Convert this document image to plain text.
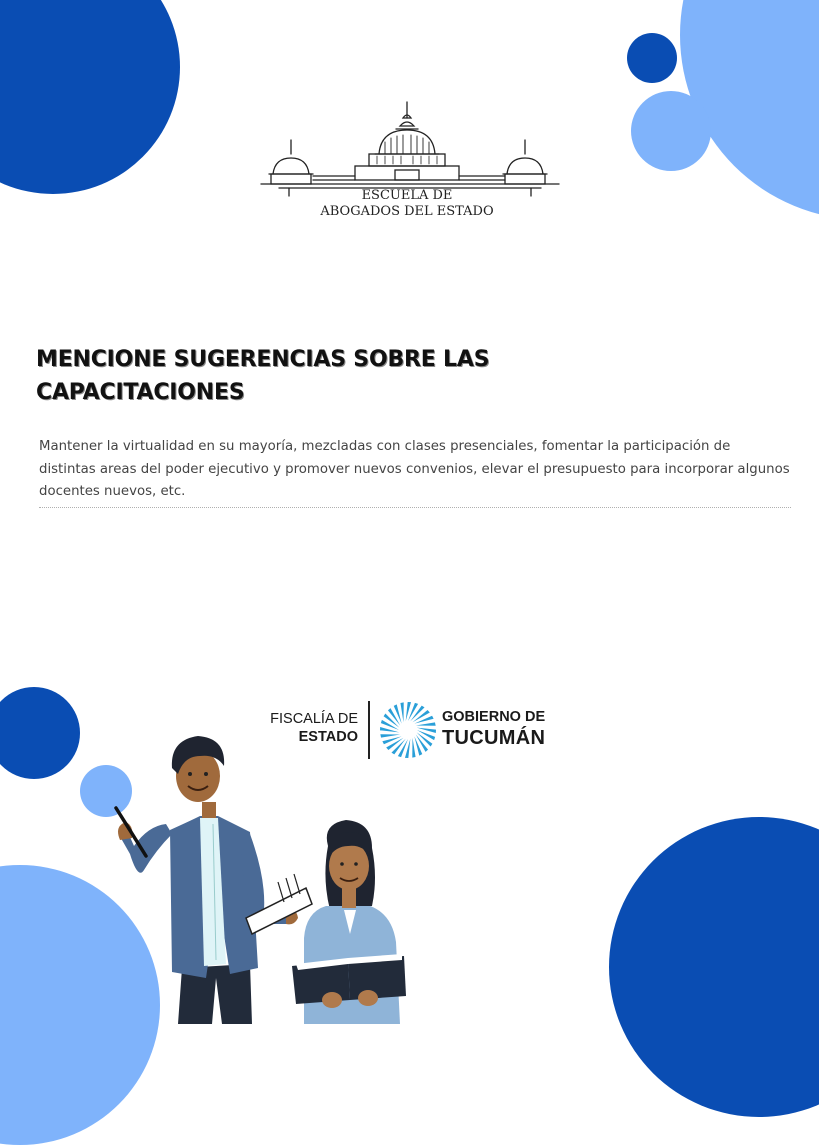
ESCUELA DE
ABOGADOS DEL ESTADO
MENCIONE SUGERENCIAS SOBRE LAS
CAPACITACIONES

Mantener la virtualidad en su mayoría, mezcladas con clases presenciales, fomentar la participación de distintas areas del poder ejecutivo y promover nuevos convenios, elevar el presupuesto para incorporar algunos docentes nuevos, etc.

FISCALÍA DE
ESTADO
GOBIERNO DE
TUCUMÁN
